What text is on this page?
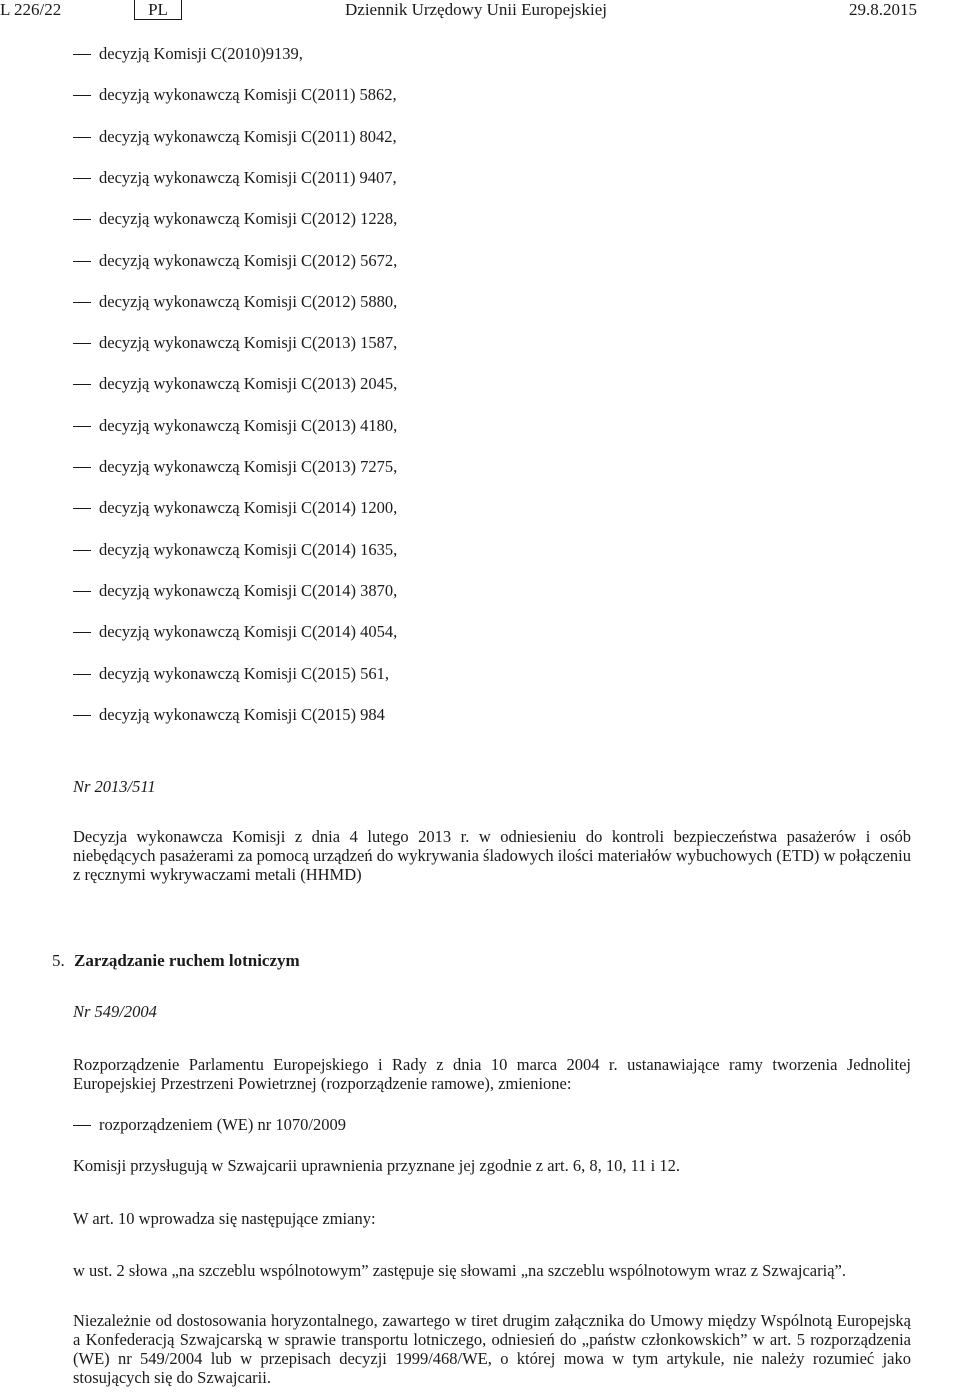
L 226/22	PL	Dziennik Urzędowy Unii Europejskiej	29.8.2015
decyzją Komisji C(2010)9139,
decyzją wykonawczą Komisji C(2011) 5862,
decyzją wykonawczą Komisji C(2011) 8042,
decyzją wykonawczą Komisji C(2011) 9407,
decyzją wykonawczą Komisji C(2012) 1228,
decyzją wykonawczą Komisji C(2012) 5672,
decyzją wykonawczą Komisji C(2012) 5880,
decyzją wykonawczą Komisji C(2013) 1587,
decyzją wykonawczą Komisji C(2013) 2045,
decyzją wykonawczą Komisji C(2013) 4180,
decyzją wykonawczą Komisji C(2013) 7275,
decyzją wykonawczą Komisji C(2014) 1200,
decyzją wykonawczą Komisji C(2014) 1635,
decyzją wykonawczą Komisji C(2014) 3870,
decyzją wykonawczą Komisji C(2014) 4054,
decyzją wykonawczą Komisji C(2015) 561,
decyzją wykonawczą Komisji C(2015) 984
Nr 2013/511

Decyzja wykonawcza Komisji z dnia 4 lutego 2013 r. w odniesieniu do kontroli bezpieczeństwa pasażerów i osób niebędących pasażerami za pomocą urządzeń do wykrywania śladowych ilości materiałów wybuchowych (ETD) w połączeniu z ręcznymi wykrywaczami metali (HHMD)

5. Zarządzanie ruchem lotniczym
Nr 549/2004

Rozporządzenie Parlamentu Europejskiego i Rady z dnia 10 marca 2004 r. ustanawiające ramy tworzenia Jednolitej Europejskiej Przestrzeni Powietrznej (rozporządzenie ramowe), zmienione:

rozporządzeniem (WE) nr 1070/2009
Komisji przysługują w Szwajcarii uprawnienia przyznane jej zgodnie z art. 6, 8, 10, 11 i 12.
W art. 10 wprowadza się następujące zmiany:
w ust. 2 słowa „na szczeblu wspólnotowym” zastępuje się słowami „na szczeblu wspólnotowym wraz z Szwajcarią”.

Niezależnie od dostosowania horyzontalnego, zawartego w tiret drugim załącznika do Umowy między Wspólnotą Europejską a Konfederacją Szwajcarską w sprawie transportu lotniczego, odniesień do „państw członkowskich” w art. 5 rozporządzenia (WE) nr 549/2004 lub w przepisach decyzji 1999/468/WE, o której mowa w tym artykule, nie należy rozumieć jako stosujących się do Szwajcarii.
